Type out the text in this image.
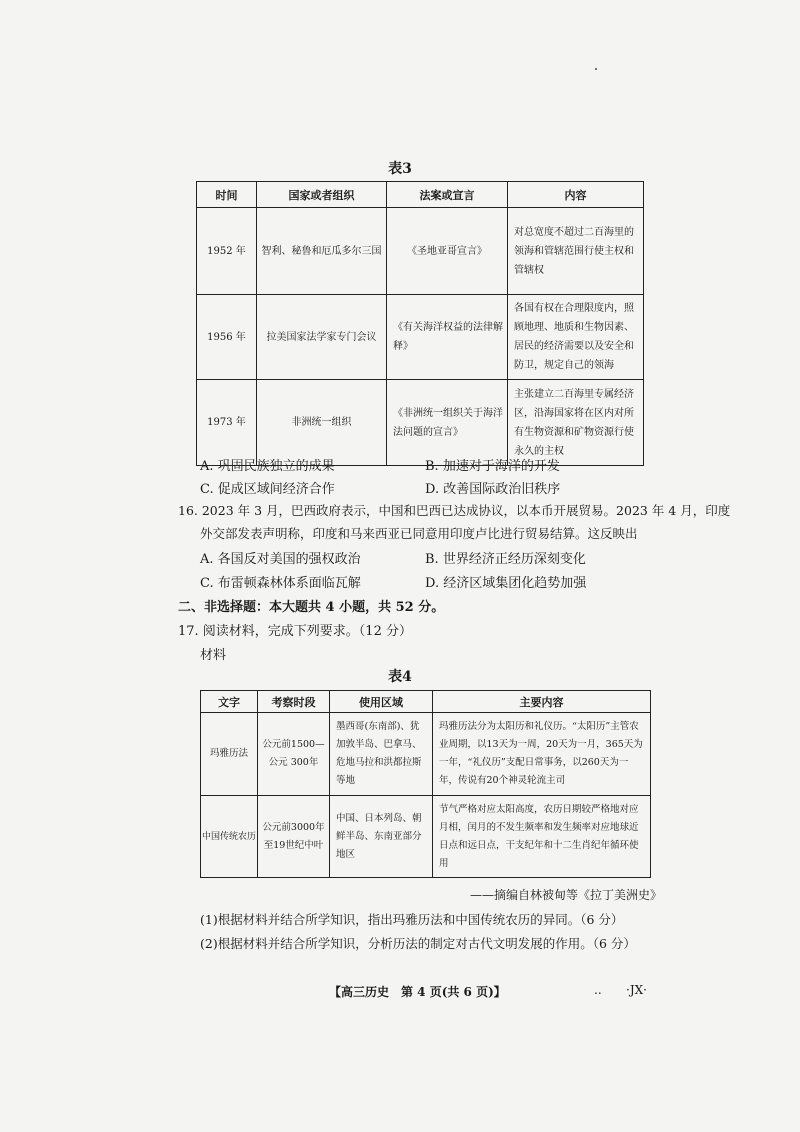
表3
时间	国家或者组织	法案或宣言	内容
1952 年	智利、秘鲁和厄瓜多尔三国	《圣地亚哥宣言》	对总宽度不超过二百海里的领海和管辖范围行使主权和管辖权
1956 年	拉美国家法学家专门会议	《有关海洋权益的法律解释》	各国有权在合理限度内，照顾地理、地质和生物因素、居民的经济需要以及安全和防卫，规定自己的领海
1973 年	非洲统一组织	《非洲统一组织关于海洋法问题的宣言》	主张建立二百海里专属经济区，沿海国家将在区内对所有生物资源和矿物资源行使永久的主权
A. 巩固民族独立的成果	B. 加速对于海洋的开发
C. 促成区域间经济合作	D. 改善国际政治旧秩序
16. 2023 年 3 月，巴西政府表示，中国和巴西已达成协议，以本币开展贸易。2023 年 4 月，印度
外交部发表声明称，印度和马来西亚已同意用印度卢比进行贸易结算。这反映出
A. 各国反对美国的强权政治	B. 世界经济正经历深刻变化
C. 布雷顿森林体系面临瓦解	D. 经济区域集团化趋势加强
二、非选择题：本大题共 4 小题，共 52 分。
17. 阅读材料，完成下列要求。（12 分）
材料
表4
文字	考察时段	使用区域	主要内容
玛雅历法	公元前1500—公元 300年	墨西哥(东南部)、犹加敦半岛、巴拿马、危地马拉和洪都拉斯等地	玛雅历法分为太阳历和礼仪历。“太阳历”主管农业周期，以13天为一周，20天为一月，365天为一年，“礼仪历”支配日常事务，以260天为一年，传说有20个神灵轮流主司
中国传统农历	公元前3000年至19世纪中叶	中国、日本列岛、朝鲜半岛、东南亚部分地区	节气严格对应太阳高度，农历日期较严格地对应月相，闰月的不发生频率和发生频率对应地球近日点和远日点，干支纪年和十二生肖纪年循环使用
——摘编自林被甸等《拉丁美洲史》
(1)根据材料并结合所学知识，指出玛雅历法和中国传统农历的异同。（6 分）
(2)根据材料并结合所学知识，分析历法的制定对古代文明发展的作用。（6 分）
【高三历史　第 4 页(共 6 页)】	.. ·JX·
